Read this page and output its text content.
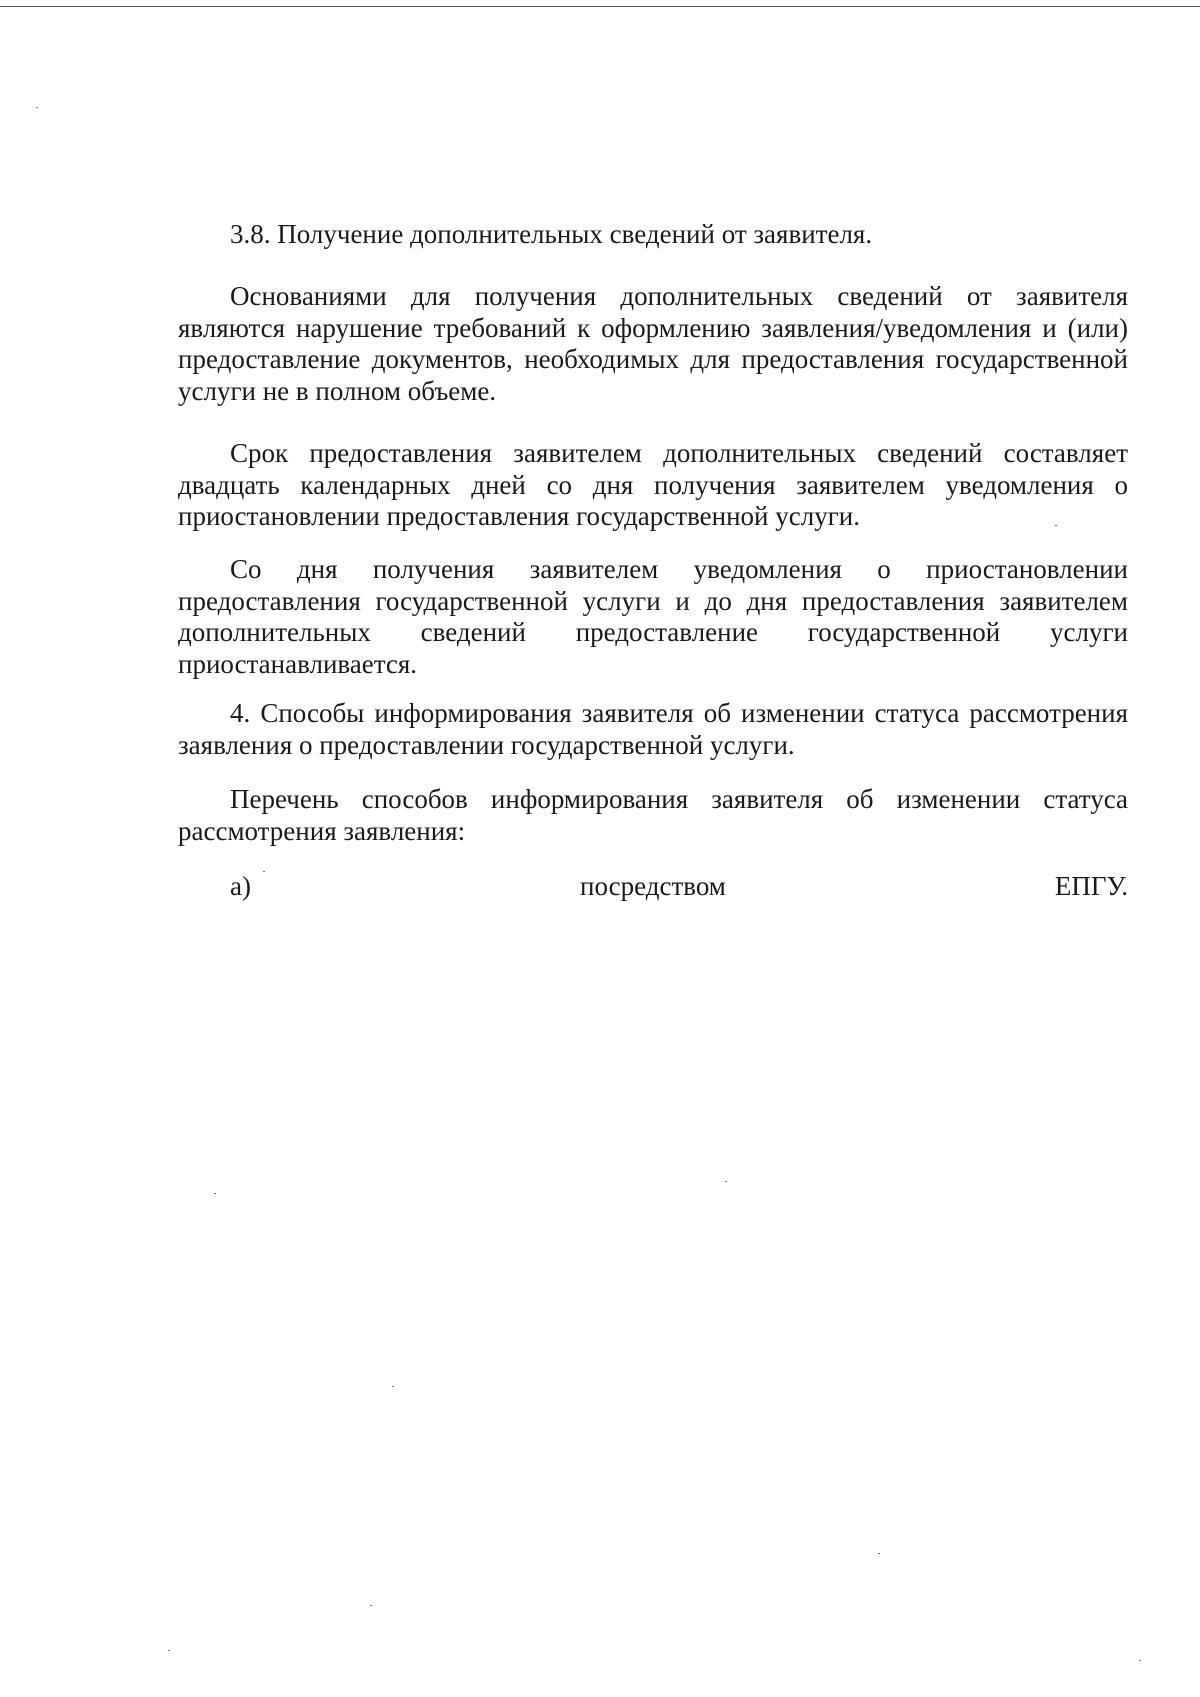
3.8. Получение дополнительных сведений от заявителя.

Основаниями для получения дополнительных сведений от заявителя являются нарушение требований к оформлению заявления/уведомления и (или) предоставление документов, необходимых для предоставления государственной услуги не в полном объеме.

Срок предоставления заявителем дополнительных сведений составляет двадцать календарных дней со дня получения заявителем уведомления о приостановлении предоставления государственной услуги.

Со дня получения заявителем уведомления о приостановлении предоставления государственной услуги и до дня предоставления заявителем дополнительных сведений предоставление государственной услуги приостанавливается.

4. Способы информирования заявителя об изменении статуса рассмотрения заявления о предоставлении государственной услуги.

Перечень способов информирования заявителя об изменении статуса рассмотрения заявления:

а)	посредством	ЕПГУ.
